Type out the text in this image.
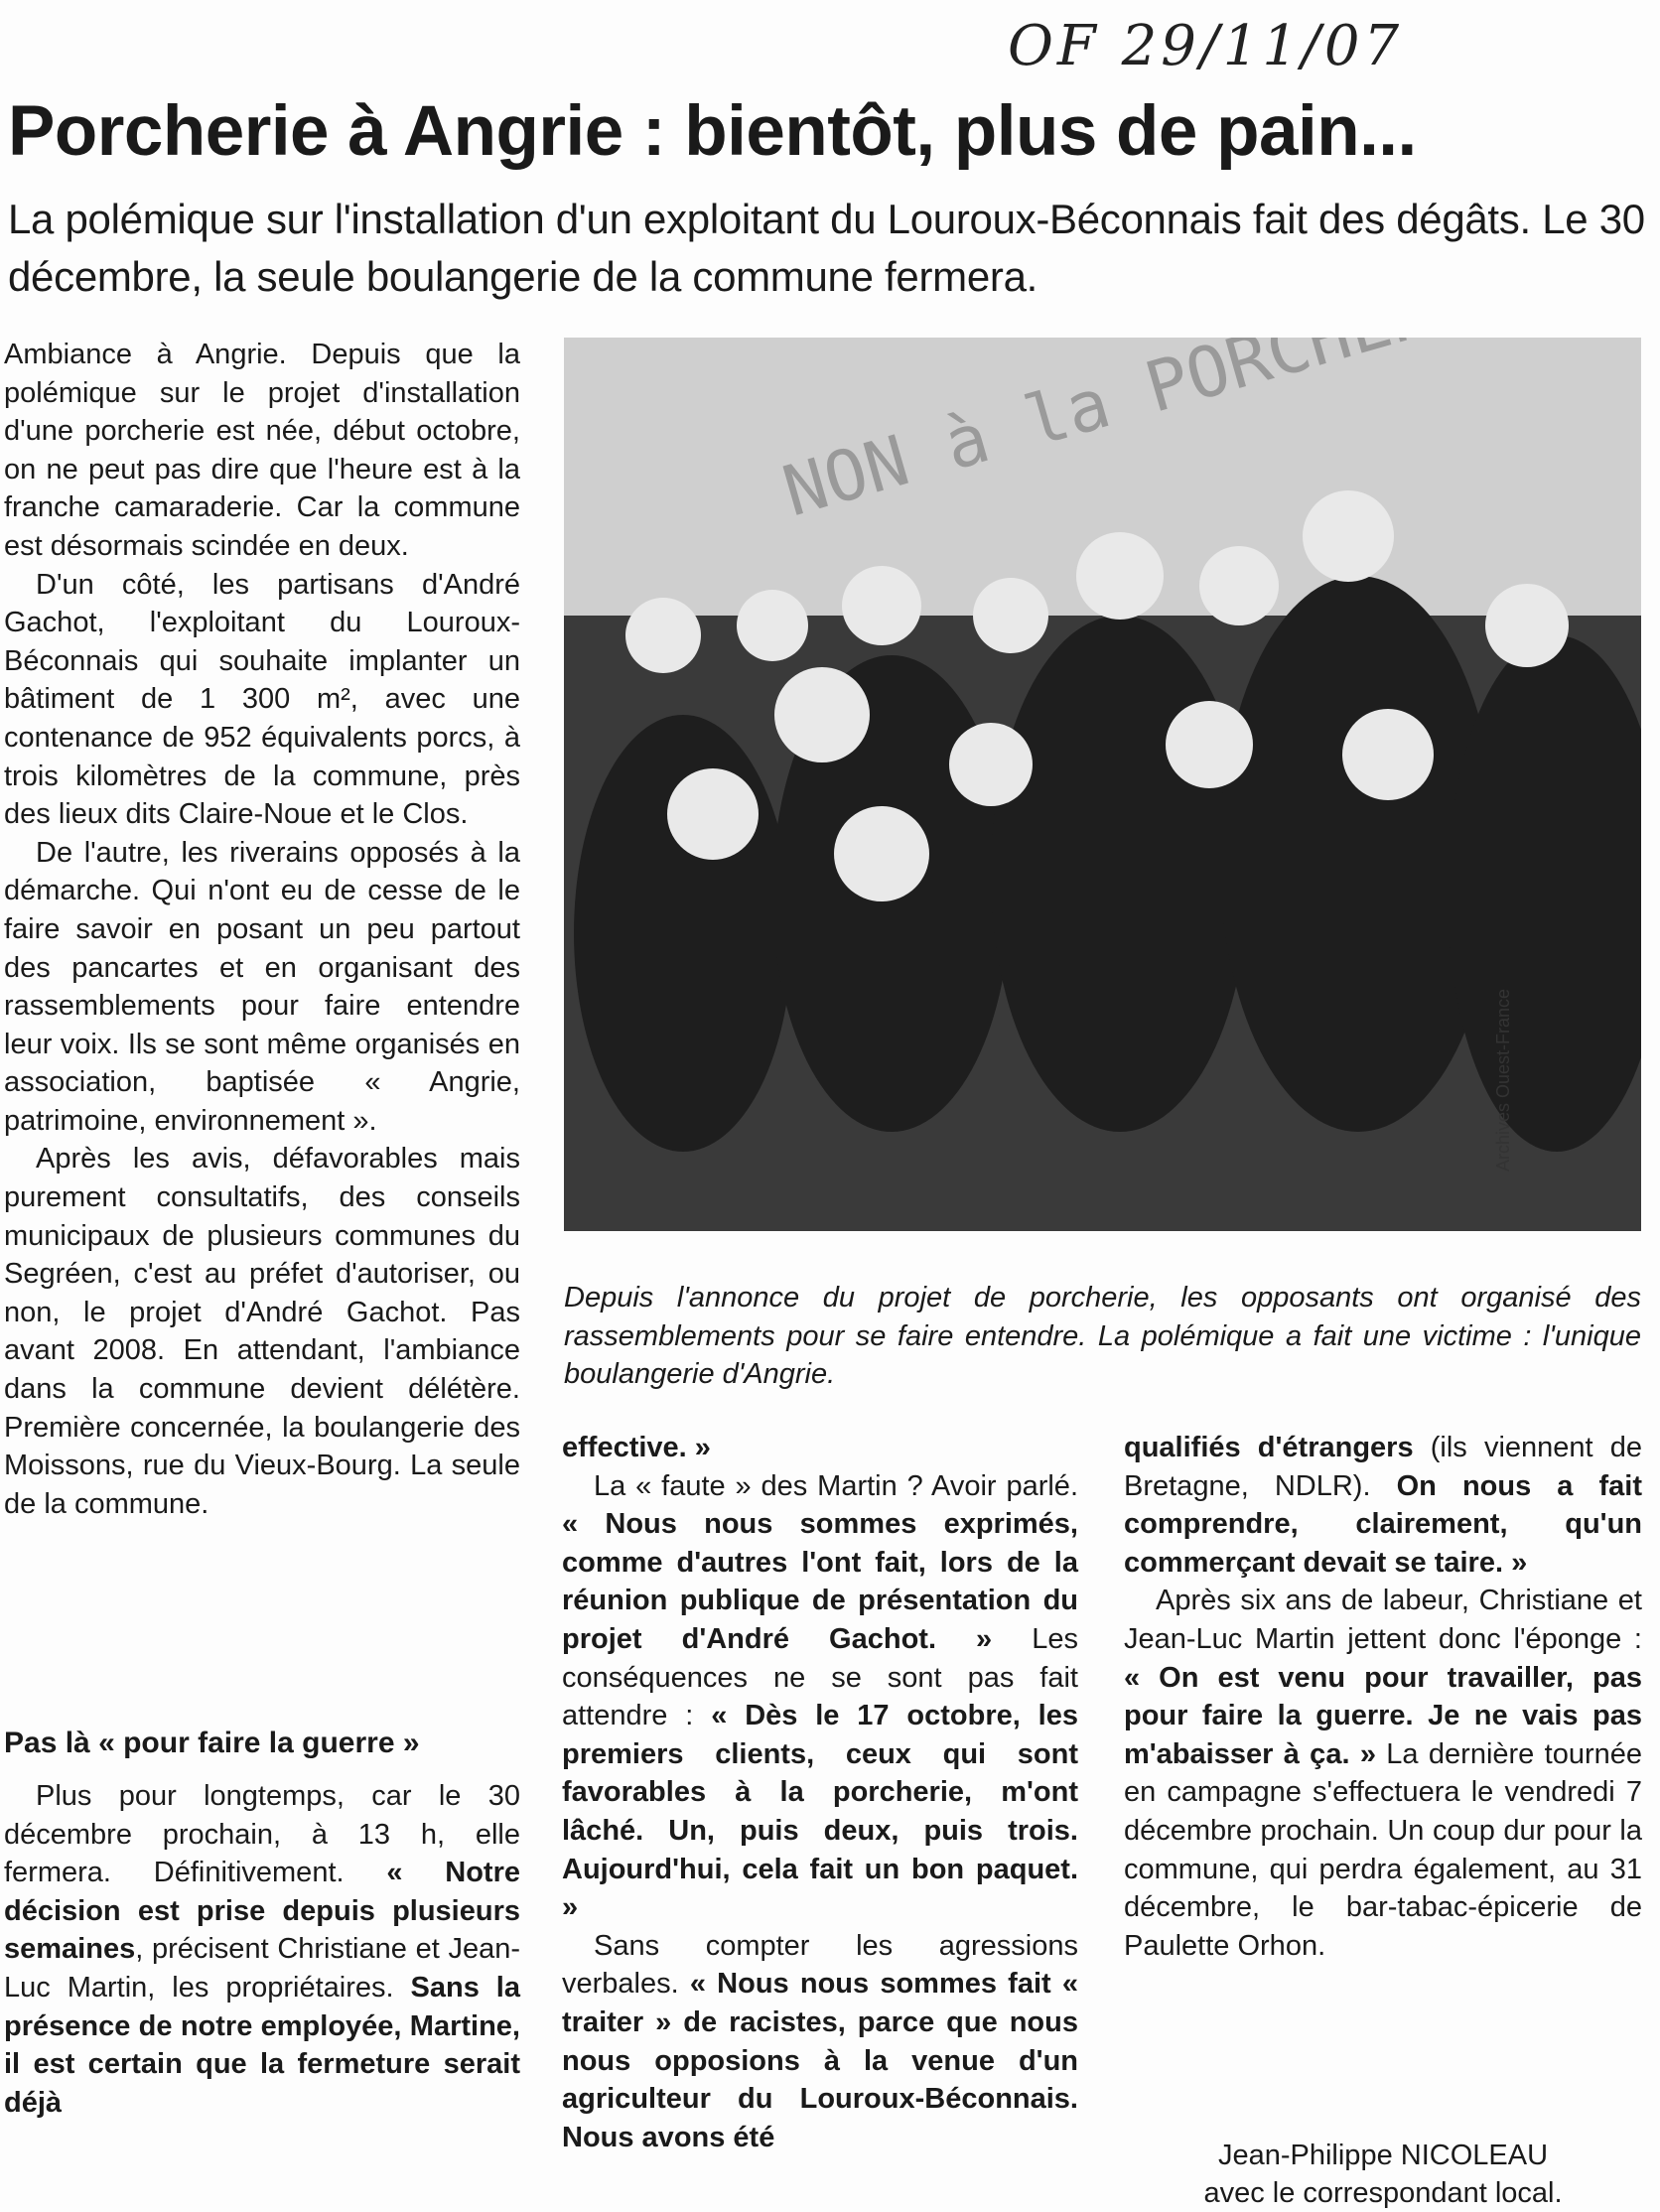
OF 29/11/07
Porcherie à Angrie : bientôt, plus de pain...

La polémique sur l'installation d'un exploitant du Louroux-Béconnais fait des dégâts. Le 30 décembre, la seule boulangerie de la commune fermera.

Ambiance à Angrie. Depuis que la polémique sur le projet d'installation d'une porcherie est née, début octobre, on ne peut pas dire que l'heure est à la franche camaraderie. Car la commune est désormais scindée en deux.

D'un côté, les partisans d'André Gachot, l'exploitant du Louroux-Béconnais qui souhaite implanter un bâtiment de 1 300 m², avec une contenance de 952 équivalents porcs, à trois kilomètres de la commune, près des lieux dits Claire-Noue et le Clos.

De l'autre, les riverains opposés à la démarche. Qui n'ont eu de cesse de le faire savoir en posant un peu partout des pancartes et en organisant des rassemblements pour faire entendre leur voix. Ils se sont même organisés en association, baptisée « Angrie, patrimoine, environnement ».

Après les avis, défavorables mais purement consultatifs, des conseils municipaux de plusieurs communes du Segréen, c'est au préfet d'autoriser, ou non, le projet d'André Gachot. Pas avant 2008. En attendant, l'ambiance dans la commune devient délétère. Première concernée, la boulangerie des Moissons, rue du Vieux-Bourg. La seule de la commune.

Pas là « pour faire la guerre »

Plus pour longtemps, car le 30 décembre prochain, à 13 h, elle fermera. Définitivement. « Notre décision est prise depuis plusieurs semaines, précisent Christiane et Jean-Luc Martin, les propriétaires. Sans la présence de notre employée, Martine, il est certain que la fermeture serait déjà

Archives Ouest-France

Depuis l'annonce du projet de porcherie, les opposants ont organisé des rassemblements pour se faire entendre. La polémique a fait une victime : l'unique boulangerie d'Angrie.

effective. »

La « faute » des Martin ? Avoir parlé. « Nous nous sommes exprimés, comme d'autres l'ont fait, lors de la réunion publique de présentation du projet d'André Gachot. » Les conséquences ne se sont pas fait attendre : « Dès le 17 octobre, les premiers clients, ceux qui sont favorables à la porcherie, m'ont lâché. Un, puis deux, puis trois. Aujourd'hui, cela fait un bon paquet. »

Sans compter les agressions verbales. « Nous nous sommes fait « traiter » de racistes, parce que nous nous opposions à la venue d'un agriculteur du Louroux-Béconnais. Nous avons été

qualifiés d'étrangers (ils viennent de Bretagne, NDLR). On nous a fait comprendre, clairement, qu'un commerçant devait se taire. »

Après six ans de labeur, Christiane et Jean-Luc Martin jettent donc l'éponge : « On est venu pour travailler, pas pour faire la guerre. Je ne vais pas m'abaisser à ça. » La dernière tournée en campagne s'effectuera le vendredi 7 décembre prochain. Un coup dur pour la commune, qui perdra également, au 31 décembre, le bar-tabac-épicerie de Paulette Orhon.

Jean-Philippe NICOLEAU
avec le correspondant local.
